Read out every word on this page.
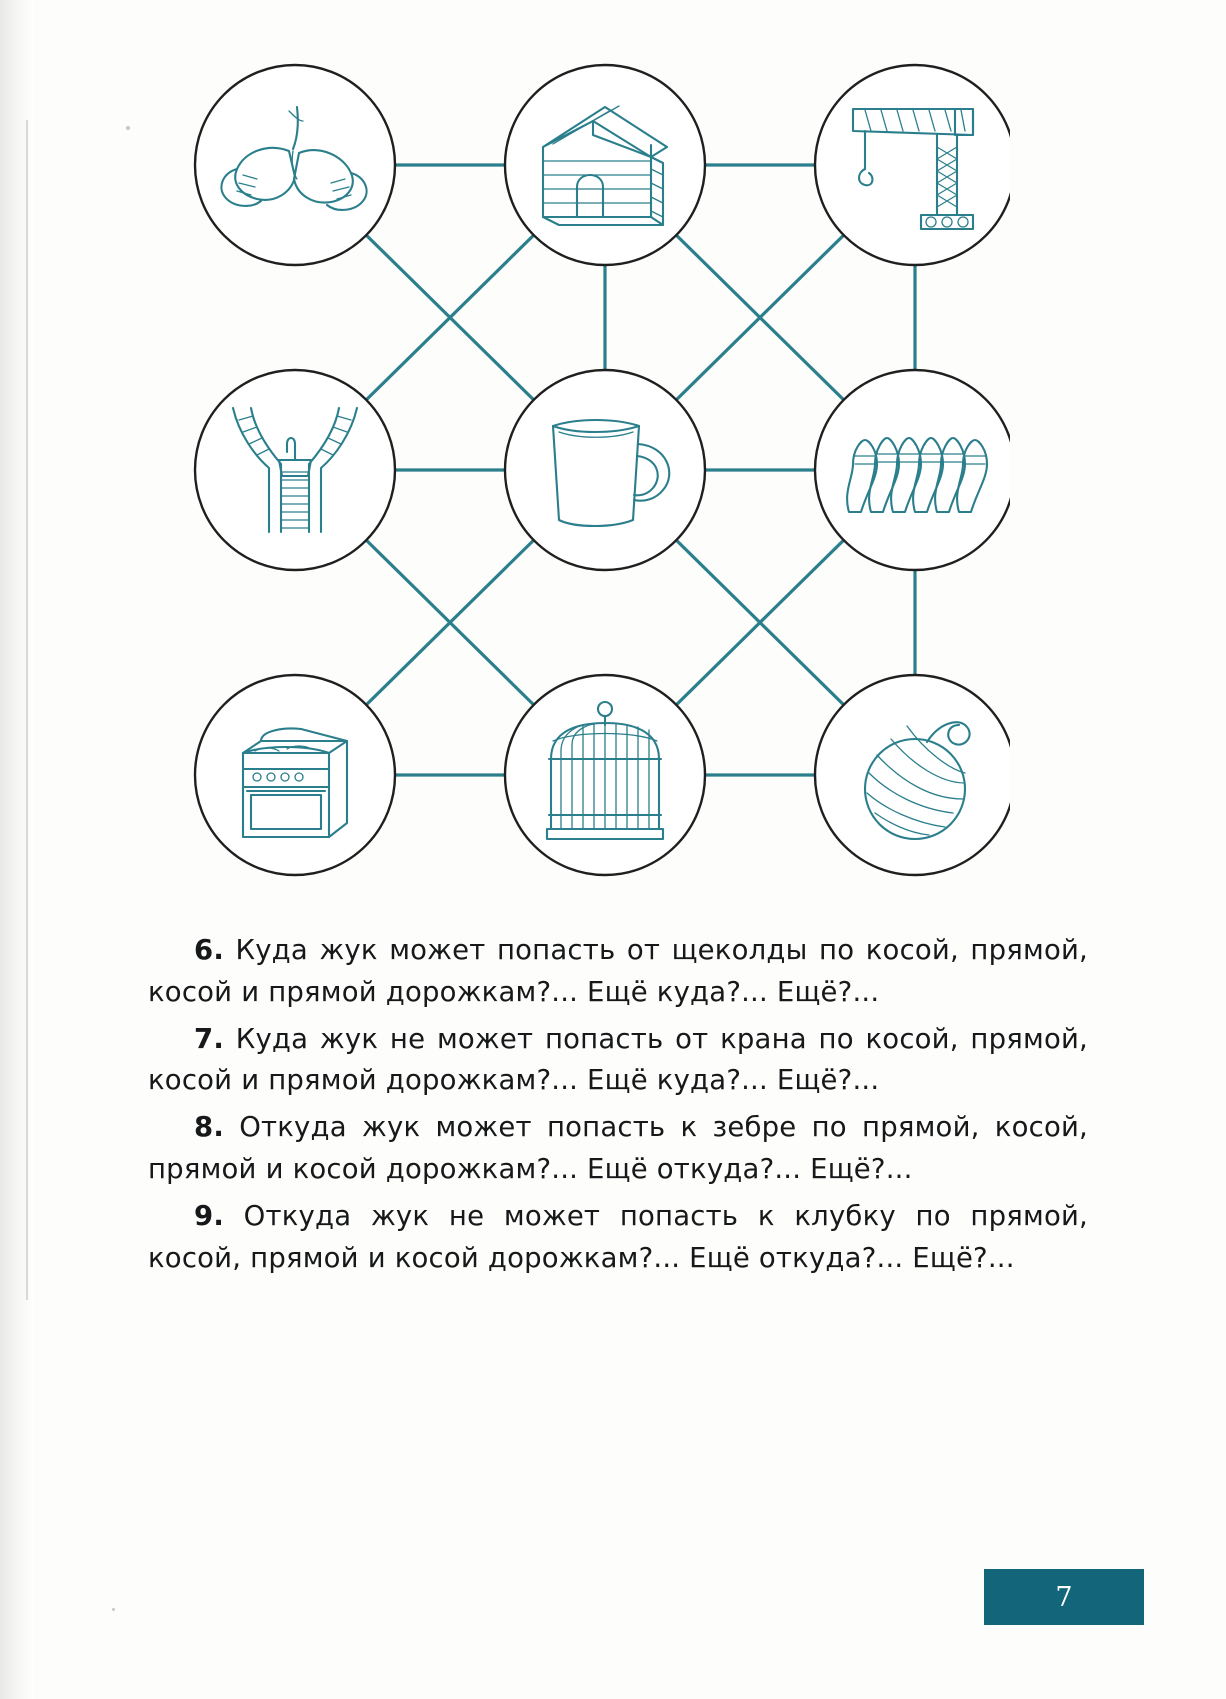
6. Куда жук может попасть от щеколды по косой, прямой, косой и прямой дорожкам?... Ещё куда?... Ещё?...

7. Куда жук не может попасть от крана по косой, прямой, косой и прямой дорожкам?... Ещё куда?... Ещё?...

8. Откуда жук может попасть к зебре по прямой, косой, прямой и косой дорожкам?... Ещё откуда?... Ещё?...

9. Откуда жук не может попасть к клубку по прямой, косой, прямой и косой дорожкам?... Ещё откуда?... Ещё?...

7
